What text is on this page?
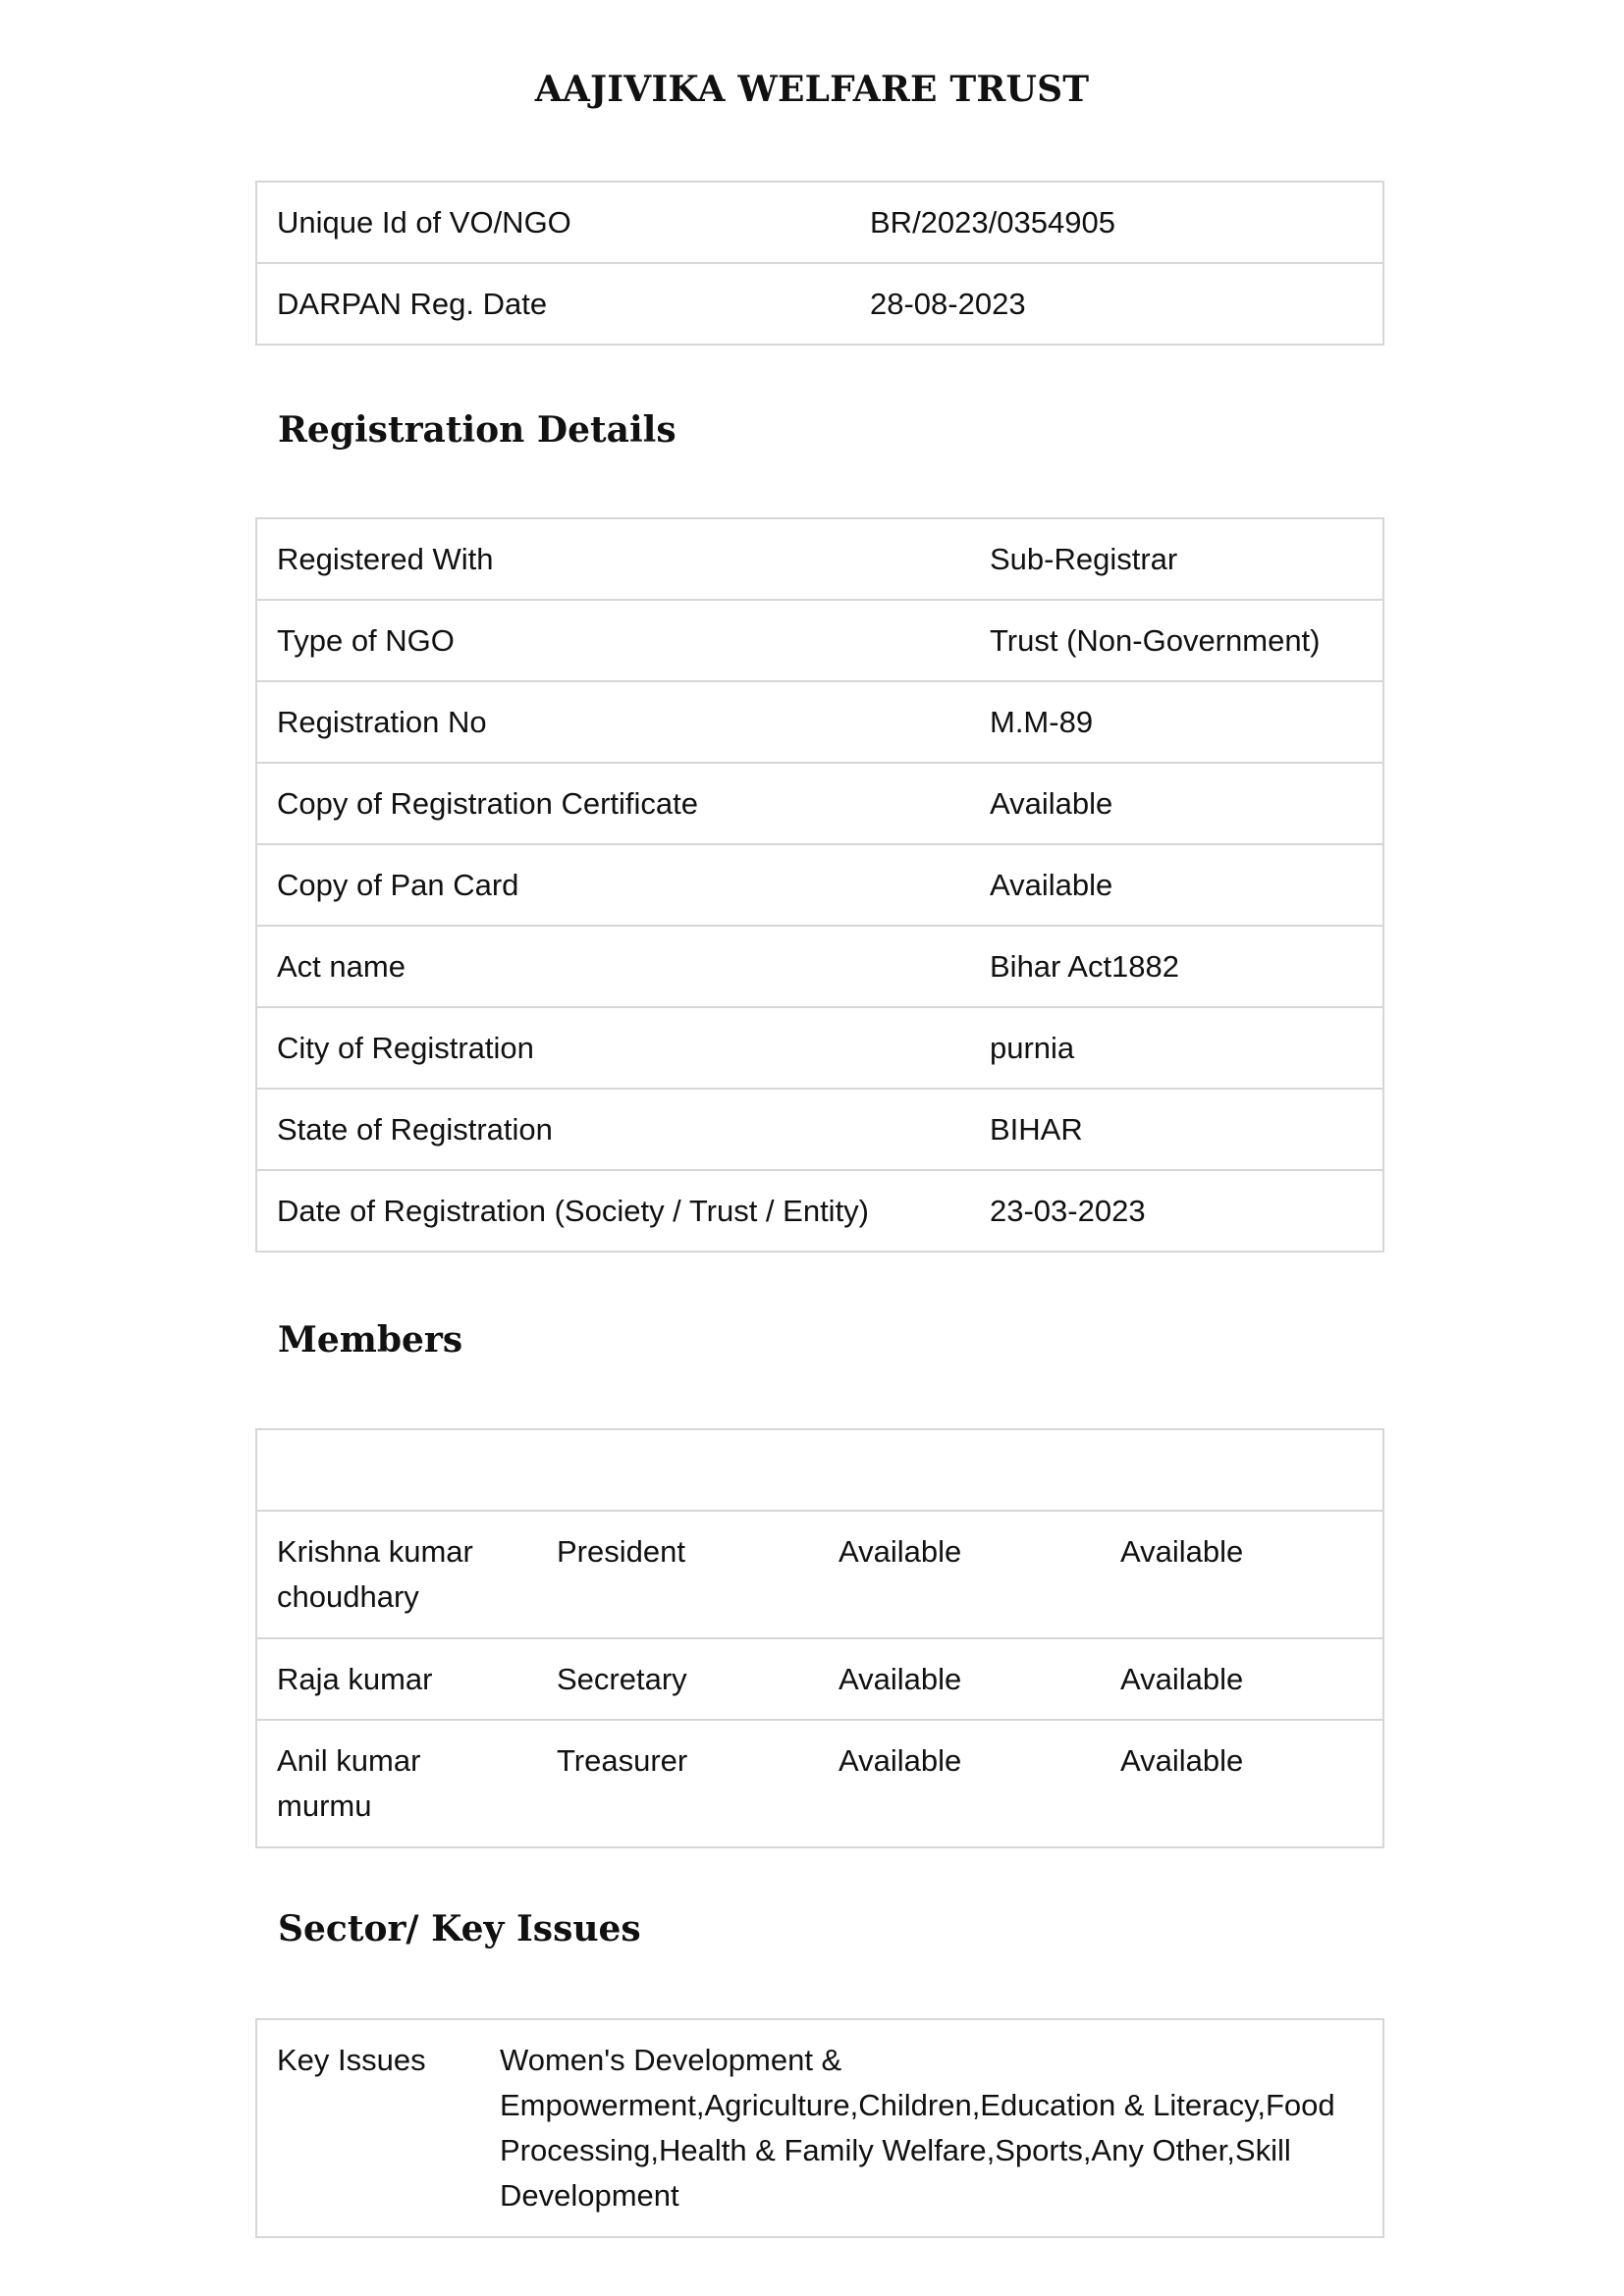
AAJIVIKA WELFARE TRUST
Unique Id of VO/NGO	BR/2023/0354905
DARPAN Reg. Date	28-08-2023
Registration Details
Registered With	Sub-Registrar
Type of NGO	Trust (Non-Government)
Registration No	M.M-89
Copy of Registration Certificate	Available
Copy of Pan Card	Available
Act name	Bihar Act1882
City of Registration	purnia
State of Registration	BIHAR
Date of Registration (Society / Trust / Entity)	23-03-2023
Members

Krishna kumar choudhary	President	Available	Available
Raja kumar	Secretary	Available	Available
Anil kumar murmu	Treasurer	Available	Available
Sector/ Key Issues
Key Issues	Women's Development & Empowerment,Agriculture,Children,Education & Literacy,Food Processing,Health & Family Welfare,Sports,Any Other,Skill Development
